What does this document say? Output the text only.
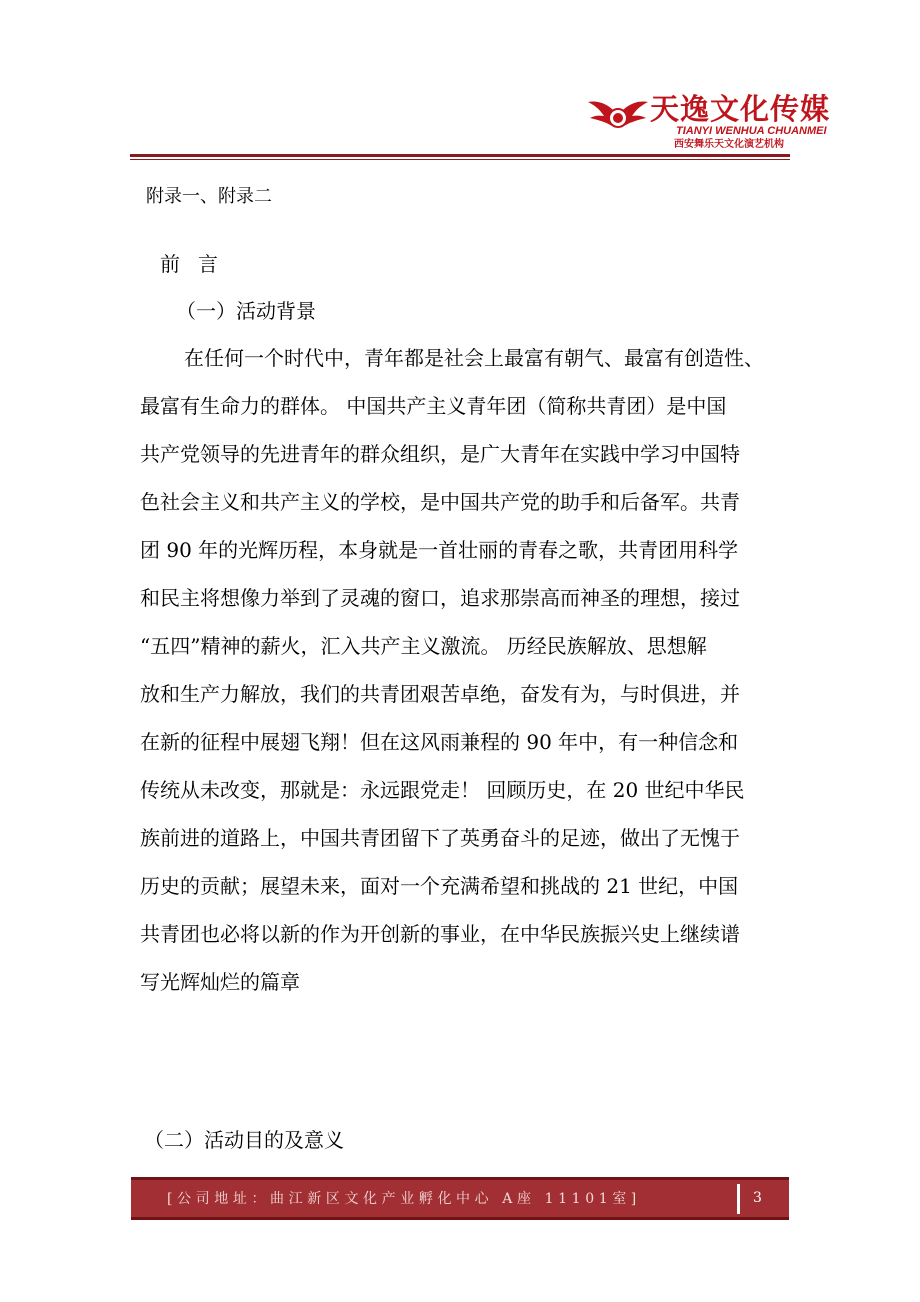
天逸文化传媒
TIANYI WENHUA CHUANMEI
西安舞乐天文化演艺机构
附录一、附录二
前言
（一）活动背景
在任何一个时代中，青年都是社会上最富有朝气、最富有创造性、
最富有生命力的群体。 中国共产主义青年团（简称共青团）是中国
共产党领导的先进青年的群众组织，是广大青年在实践中学习中国特
色社会主义和共产主义的学校，是中国共产党的助手和后备军。共青
团 90 年的光辉历程，本身就是一首壮丽的青春之歌，共青团用科学
和民主将想像力举到了灵魂的窗口，追求那崇高而神圣的理想，接过
“五四”精神的薪火，汇入共产主义激流。 历经民族解放、思想解
放和生产力解放，我们的共青团艰苦卓绝，奋发有为，与时俱进，并
在新的征程中展翅飞翔！但在这风雨兼程的 90 年中，有一种信念和
传统从未改变，那就是：永远跟党走！ 回顾历史，在 20 世纪中华民
族前进的道路上，中国共青团留下了英勇奋斗的足迹，做出了无愧于
历史的贡献；展望未来，面对一个充满希望和挑战的 21 世纪，中国
共青团也必将以新的作为开创新的事业，在中华民族振兴史上继续谱
写光辉灿烂的篇章
（二）活动目的及意义
[公司地址：曲江新区文化产业孵化中心 A座 11101室]	3
